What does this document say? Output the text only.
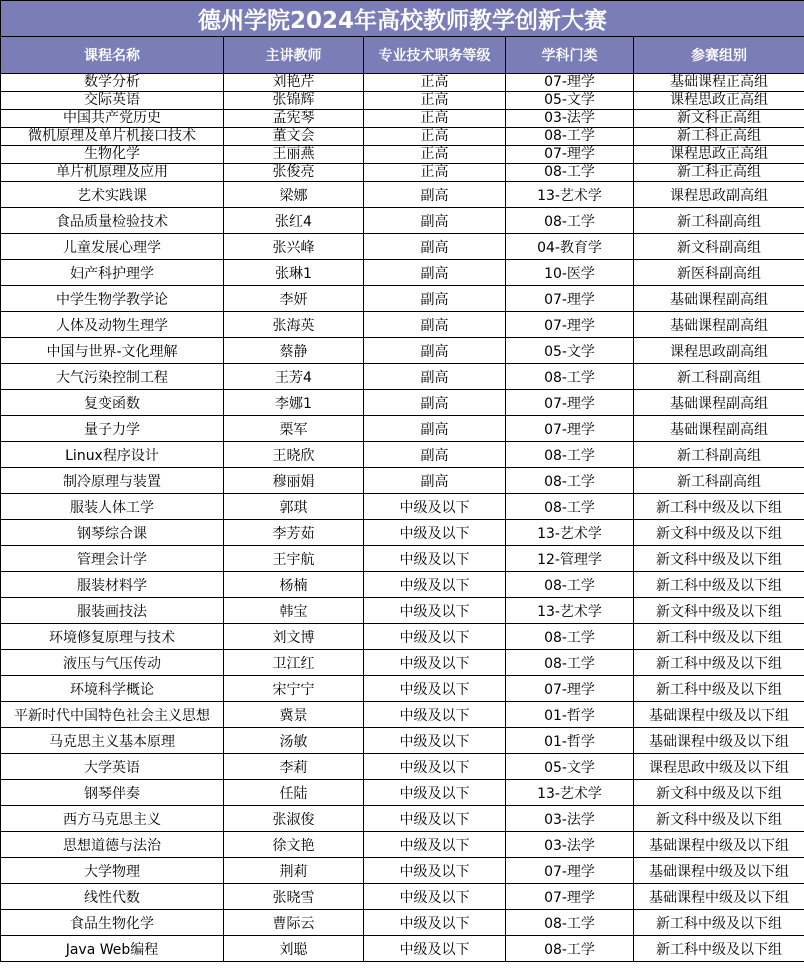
德州学院2024年高校教师教学创新大赛				
课程名称	主讲教师	专业技术职务等级	学科门类	参赛组别
数学分析	刘艳芹	正高	07-理学	基础课程正高组
交际英语	张锦辉	正高	05-文学	课程思政正高组
中国共产党历史	孟宪琴	正高	03-法学	新文科正高组
微机原理及单片机接口技术	董文会	正高	08-工学	新工科正高组
生物化学	王丽燕	正高	07-理学	课程思政正高组
单片机原理及应用	张俊亮	正高	08-工学	新工科正高组
艺术实践课	梁娜	副高	13-艺术学	课程思政副高组
食品质量检验技术	张红4	副高	08-工学	新工科副高组
儿童发展心理学	张兴峰	副高	04-教育学	新文科副高组
妇产科护理学	张琳1	副高	10-医学	新医科副高组
中学生物学教学论	李妍	副高	07-理学	基础课程副高组
人体及动物生理学	张海英	副高	07-理学	基础课程副高组
中国与世界-文化理解	蔡静	副高	05-文学	课程思政副高组
大气污染控制工程	王芳4	副高	08-工学	新工科副高组
复变函数	李娜1	副高	07-理学	基础课程副高组
量子力学	栗军	副高	07-理学	基础课程副高组
Linux程序设计	王晓欣	副高	08-工学	新工科副高组
制冷原理与装置	穆丽娟	副高	08-工学	新工科副高组
服装人体工学	郭琪	中级及以下	08-工学	新工科中级及以下组
钢琴综合课	李芳茹	中级及以下	13-艺术学	新文科中级及以下组
管理会计学	王宇航	中级及以下	12-管理学	新文科中级及以下组
服装材料学	杨楠	中级及以下	08-工学	新工科中级及以下组
服装画技法	韩宝	中级及以下	13-艺术学	新文科中级及以下组
环境修复原理与技术	刘文博	中级及以下	08-工学	新工科中级及以下组
液压与气压传动	卫江红	中级及以下	08-工学	新工科中级及以下组
环境科学概论	宋宁宁	中级及以下	07-理学	新工科中级及以下组
平新时代中国特色社会主义思想	冀景	中级及以下	01-哲学	基础课程中级及以下组
马克思主义基本原理	汤敏	中级及以下	01-哲学	基础课程中级及以下组
大学英语	李莉	中级及以下	05-文学	课程思政中级及以下组
钢琴伴奏	任陆	中级及以下	13-艺术学	新文科中级及以下组
西方马克思主义	张淑俊	中级及以下	03-法学	新文科中级及以下组
思想道德与法治	徐文艳	中级及以下	03-法学	基础课程中级及以下组
大学物理	荆莉	中级及以下	07-理学	基础课程中级及以下组
线性代数	张晓雪	中级及以下	07-理学	基础课程中级及以下组
食品生物化学	曹际云	中级及以下	08-工学	新工科中级及以下组
Java Web编程	刘聪	中级及以下	08-工学	新工科中级及以下组
